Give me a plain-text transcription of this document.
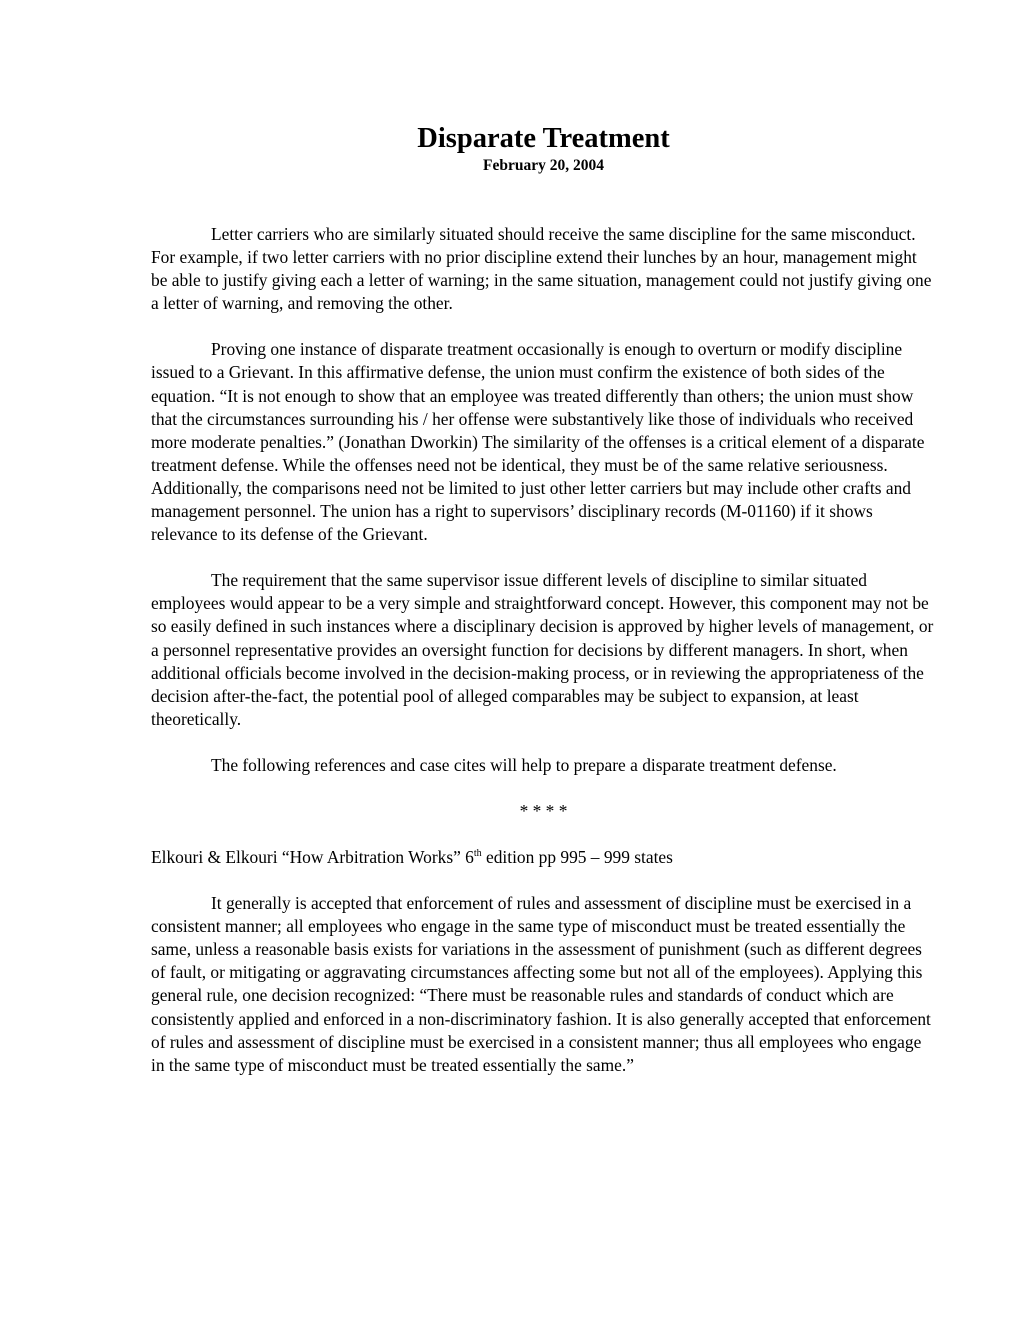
Disparate Treatment
February 20, 2004

Letter carriers who are similarly situated should receive the same discipline for the same misconduct. For example, if two letter carriers with no prior discipline extend their lunches by an hour, management might be able to justify giving each a letter of warning; in the same situation, management could not justify giving one a letter of warning, and removing the other.

Proving one instance of disparate treatment occasionally is enough to overturn or modify discipline issued to a Grievant. In this affirmative defense, the union must confirm the existence of both sides of the equation. “It is not enough to show that an employee was treated differently than others; the union must show that the circumstances surrounding his / her offense were substantively like those of individuals who received more moderate penalties.” (Jonathan Dworkin) The similarity of the offenses is a critical element of a disparate treatment defense. While the offenses need not be identical, they must be of the same relative seriousness. Additionally, the comparisons need not be limited to just other letter carriers but may include other crafts and management personnel. The union has a right to supervisors’ disciplinary records (M-01160) if it shows relevance to its defense of the Grievant.

The requirement that the same supervisor issue different levels of discipline to similar situated employees would appear to be a very simple and straightforward concept. However, this component may not be so easily defined in such instances where a disciplinary decision is approved by higher levels of management, or a personnel representative provides an oversight function for decisions by different managers. In short, when additional officials become involved in the decision-making process, or in reviewing the appropriateness of the decision after-the-fact, the potential pool of alleged comparables may be subject to expansion, at least theoretically.

The following references and case cites will help to prepare a disparate treatment defense.

* * * *

Elkouri & Elkouri “How Arbitration Works” 6th edition pp 995 – 999 states

It generally is accepted that enforcement of rules and assessment of discipline must be exercised in a consistent manner; all employees who engage in the same type of misconduct must be treated essentially the same, unless a reasonable basis exists for variations in the assessment of punishment (such as different degrees of fault, or mitigating or aggravating circumstances affecting some but not all of the employees). Applying this general rule, one decision recognized: “There must be reasonable rules and standards of conduct which are consistently applied and enforced in a non-discriminatory fashion. It is also generally accepted that enforcement of rules and assessment of discipline must be exercised in a consistent manner; thus all employees who engage in the same type of misconduct must be treated essentially the same.”
